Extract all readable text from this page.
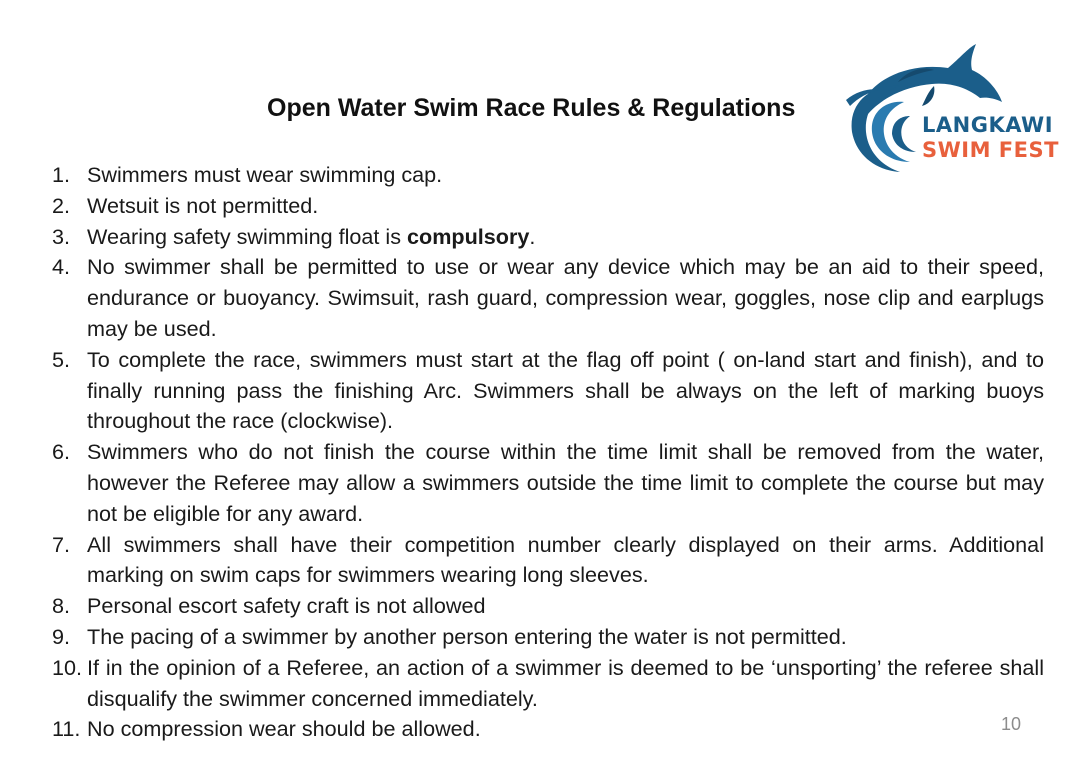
Open Water Swim Race Rules & Regulations
LANGKAWI
SWIM FEST
1. Swimmers must wear swimming cap.
2. Wetsuit is not permitted.
3. Wearing safety swimming float is compulsory.
4. No swimmer shall be permitted to use or wear any device which may be an aid to their speed, endurance or buoyancy. Swimsuit, rash guard, compression wear, goggles, nose clip and earplugs may be used.
5. To complete the race, swimmers must start at the flag off point ( on-land start and finish), and to finally running pass the finishing Arc. Swimmers shall be always on the left of marking buoys throughout the race (clockwise).
6. Swimmers who do not finish the course within the time limit shall be removed from the water, however the Referee may allow a swimmers outside the time limit to complete the course but may not be eligible for any award.
7. All swimmers shall have their competition number clearly displayed on their arms. Additional marking on swim caps for swimmers wearing long sleeves.
8. Personal escort safety craft is not allowed
9. The pacing of a swimmer by another person entering the water is not permitted.
10. If in the opinion of a Referee, an action of a swimmer is deemed to be ‘unsporting’ the referee shall disqualify the swimmer concerned immediately.
11. No compression wear should be allowed.	10
